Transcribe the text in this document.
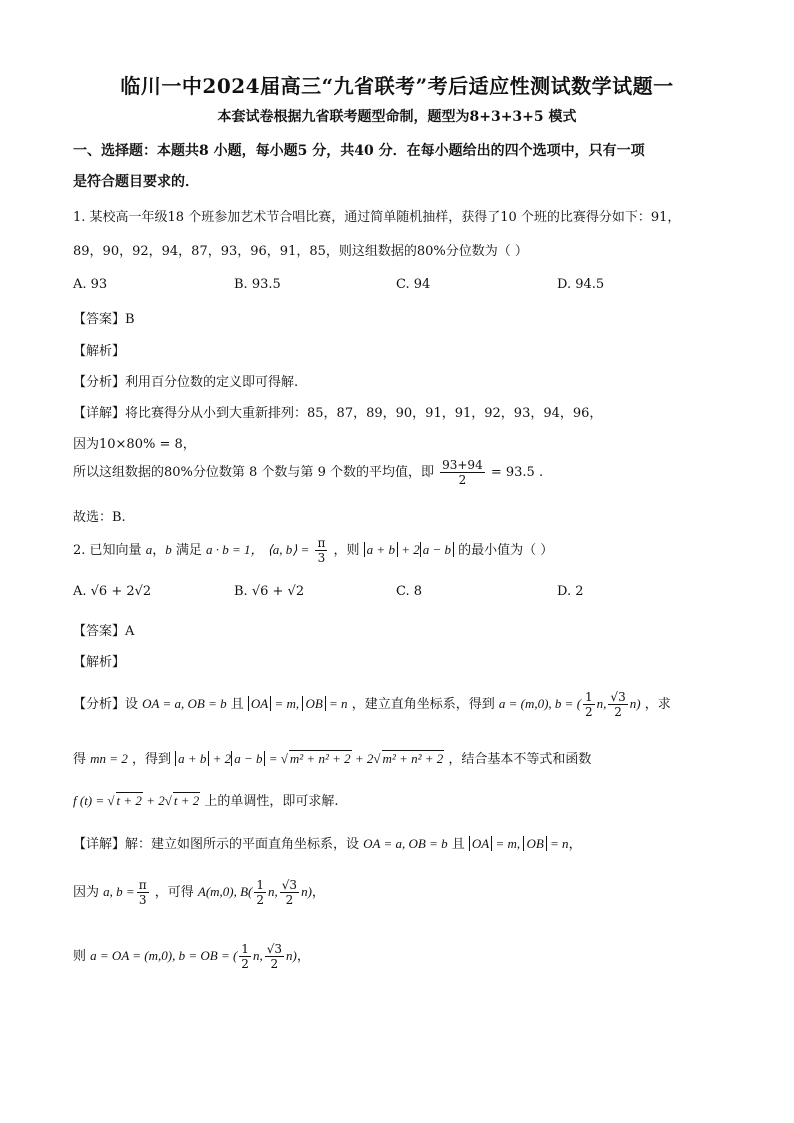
临川一中2024届高三“九省联考”考后适应性测试数学试题一
本套试卷根据九省联考题型命制，题型为8+3+3+5 模式
一、选择题：本题共8 小题，每小题5 分，共40 分．在每小题给出的四个选项中，只有一项
是符合题目要求的．
1. 某校高一年级18 个班参加艺术节合唱比赛，通过简单随机抽样，获得了10 个班的比赛得分如下：91，
89，90，92，94，87，93，96，91，85，则这组数据的80%分位数为（ ）
A. 93	B. 93.5	C. 94	D. 94.5
【答案】B
【解析】
【分析】利用百分位数的定义即可得解.
【详解】将比赛得分从小到大重新排列：85，87，89，90，91，91，92，93，94，96，
因为10×80% = 8，
所以这组数据的80%分位数第 8 个数与第 9 个数的平均值，即 $\frac{93+94}{2} = 93.5$ .
故选：B.
2. 已知向量 a，b 满足 a · b = 1， ⟨a, b⟩ = $\frac{\pi}{3}$ ，则 a + b + 2 a − b 的最小值为（ ）
A. √6 + 2√2	B. √6 + √2	C. 8	D. 2
【答案】A
【解析】
【分析】设 OA = a, OB = b 且 OA = m, OB = n ，建立直角坐标系，得到 a = (m,0), b = ( $\frac{1}{2} n$, $\frac{√3}{2} n$) ，求
得 mn = 2 ，得到 a + b + 2 a − b = √ m² + n² + 2 + 2√ m² + n² + 2 ，结合基本不等式和函数
f (t) = √ t + 2 + 2√ t + 2 上的单调性，即可求解.
【详解】解：建立如图所示的平面直角坐标系，设 OA = a, OB = b 且 OA = m, OB = n，
因为 a, $b = \frac{\pi}{3}$ ，可得 A(m,0), $B( \frac{1}{2} n$, $\frac{√3}{2} n$)，
则 a = OA = (m,0), b = OB = ( $\frac{1}{2} n$, $\frac{√3}{2} n$)，
